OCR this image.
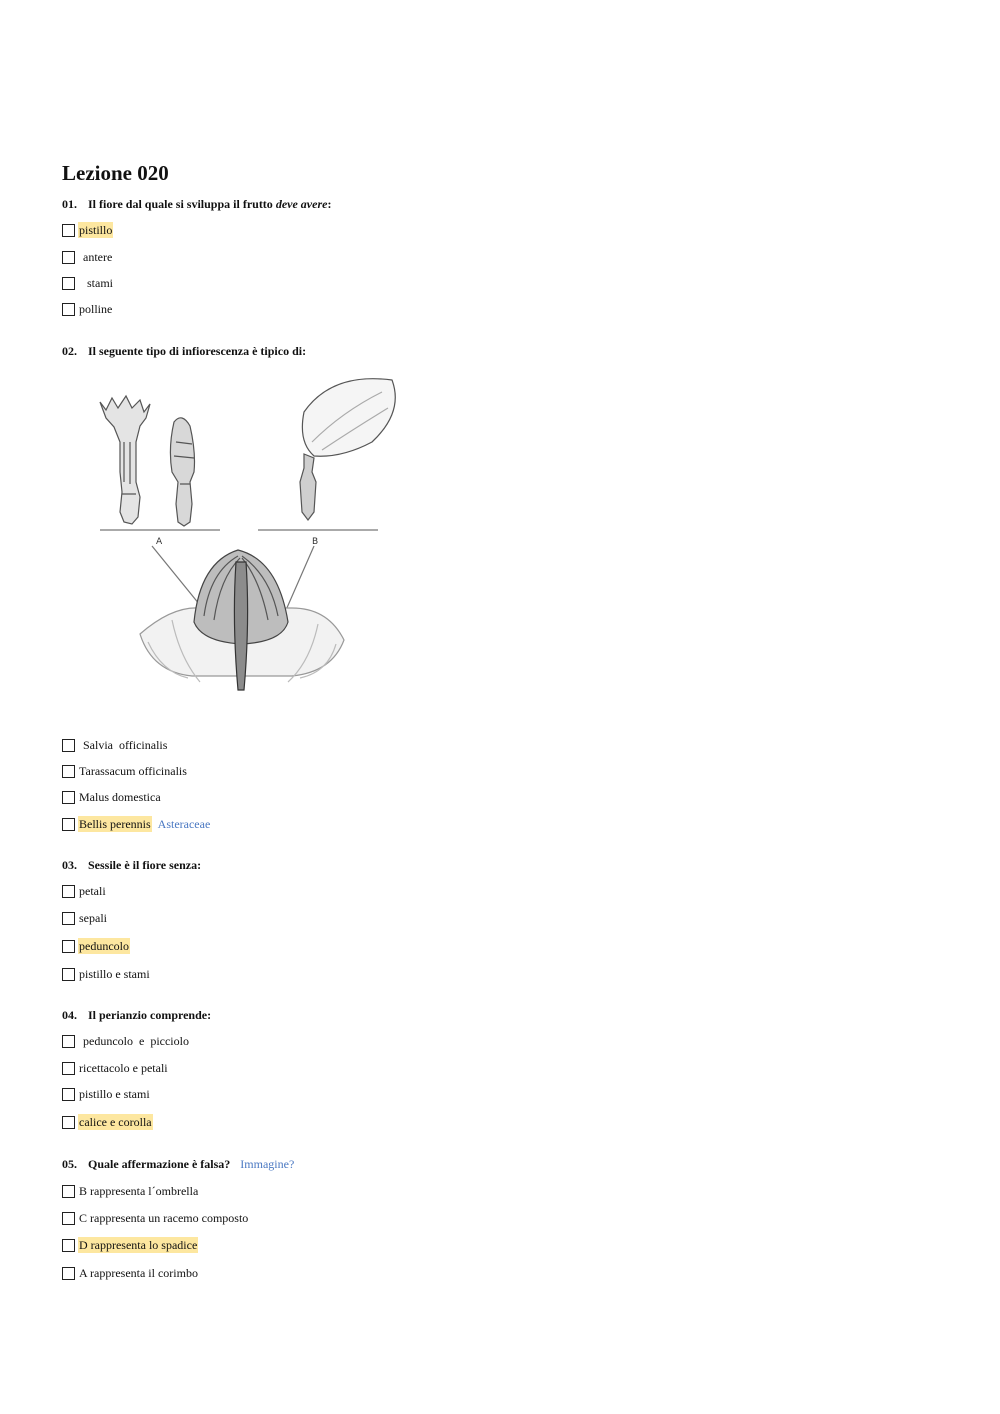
Lezione 020
01. Il fiore dal quale si sviluppa il frutto deve avere:
pistillo
antere
stami
polline
02. Il seguente tipo di infiorescenza è tipico di:
A	B
Salvia  officinalis
Tarassacum officinalis
Malus domestica
Bellis perennis Asteraceae
03. Sessile è il fiore senza:
petali
sepali
peduncolo
pistillo e stami
04. Il perianzio comprende:
peduncolo  e  picciolo
ricettacolo e petali
pistillo e stami
calice e corolla
05. Quale affermazione è falsa? Immagine?
B rappresenta l´ombrella
C rappresenta un racemo composto
D rappresenta lo spadice
A rappresenta il corimbo
